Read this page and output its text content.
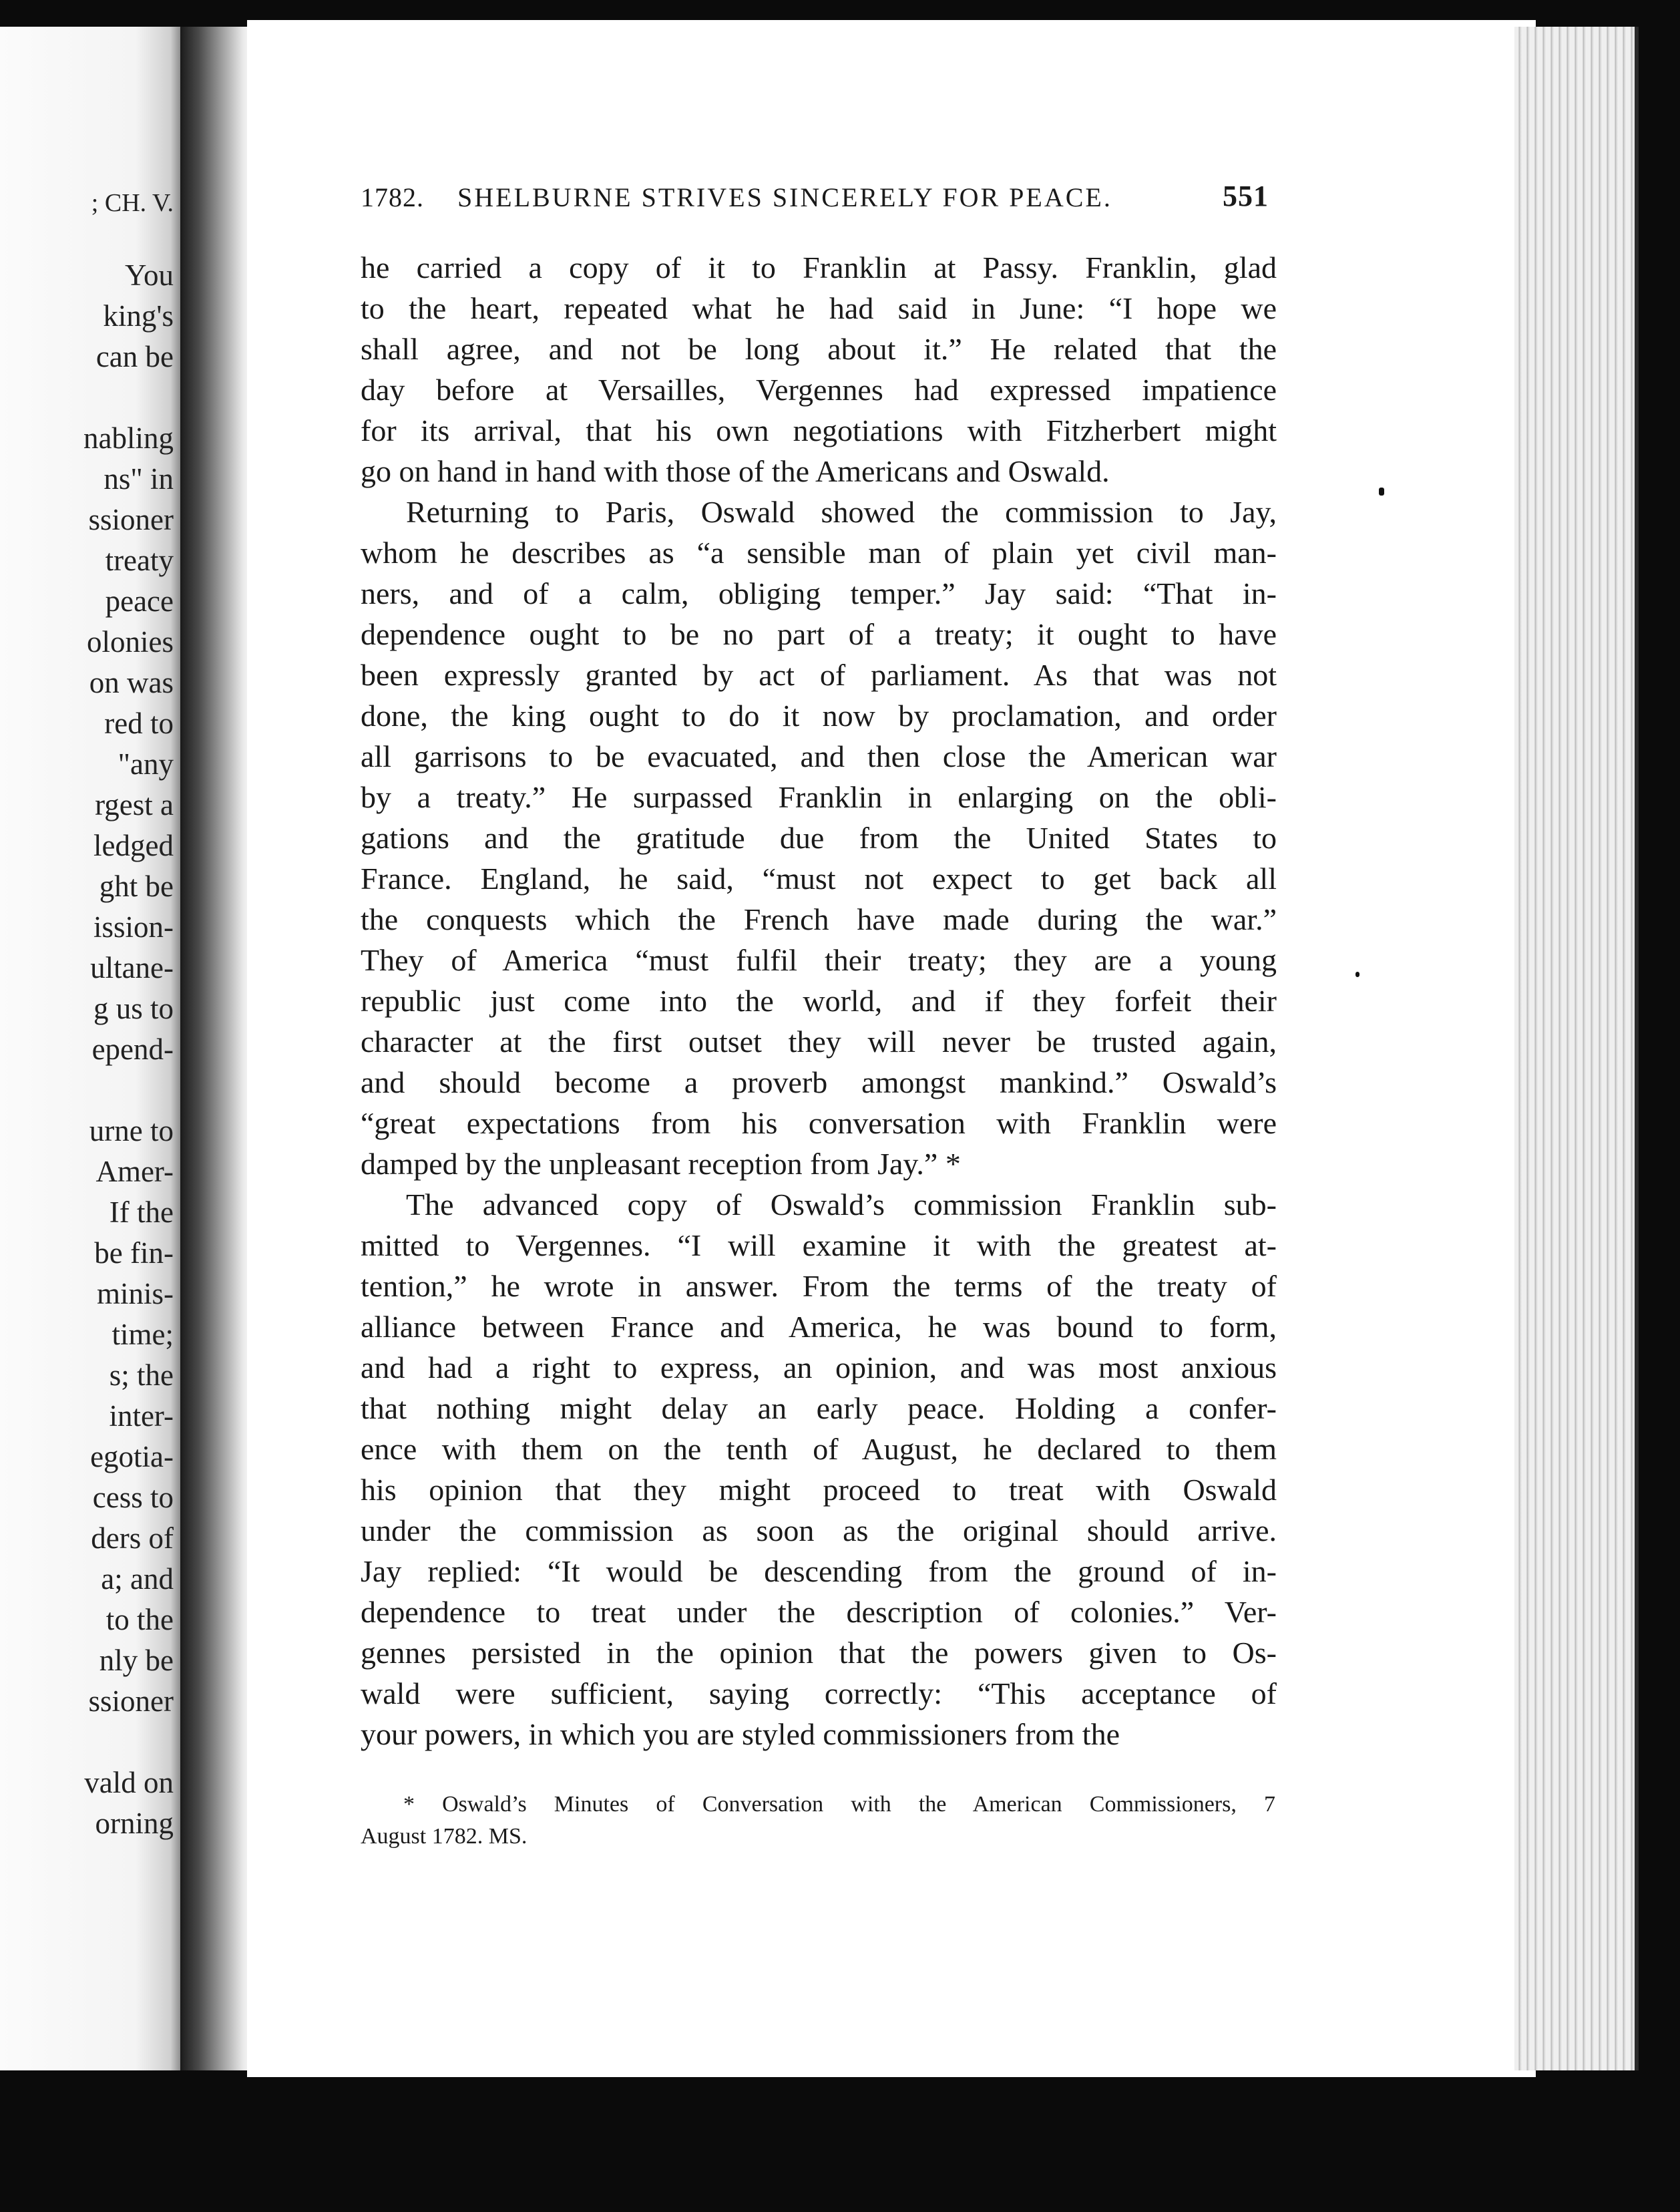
; CH. V.
You
king's
can be
nabling
ns" in
ssioner
treaty
peace
olonies
on was
red to
"any
rgest a
ledged
ght be
ission-
ultane-
g us to
epend-
urne to
Amer-
If the
be fin-
minis-
time;
s; the
inter-
egotia-
cess to
ders of
a; and
to the
nly be
ssioner
vald on
orning
1782. SHELBURNE STRIVES SINCERELY FOR PEACE.	551
he carried a copy of it to Franklin at Passy. Franklin, glad
to the heart, repeated what he had said in June: “I hope we
shall agree, and not be long about it.” He related that the
day before at Versailles, Vergennes had expressed impatience
for its arrival, that his own negotiations with Fitzherbert might
go on hand in hand with those of the Americans and Oswald.
Returning to Paris, Oswald showed the commission to Jay,
whom he describes as “a sensible man of plain yet civil man-
ners, and of a calm, obliging temper.” Jay said: “That in-
dependence ought to be no part of a treaty; it ought to have
been expressly granted by act of parliament. As that was not
done, the king ought to do it now by proclamation, and order
all garrisons to be evacuated, and then close the American war
by a treaty.” He surpassed Franklin in enlarging on the obli-
gations and the gratitude due from the United States to
France. England, he said, “must not expect to get back all
the conquests which the French have made during the war.”
They of America “must fulfil their treaty; they are a young
republic just come into the world, and if they forfeit their
character at the first outset they will never be trusted again,
and should become a proverb amongst mankind.” Oswald’s
“great expectations from his conversation with Franklin were
damped by the unpleasant reception from Jay.” *
The advanced copy of Oswald’s commission Franklin sub-
mitted to Vergennes. “I will examine it with the greatest at-
tention,” he wrote in answer. From the terms of the treaty of
alliance between France and America, he was bound to form,
and had a right to express, an opinion, and was most anxious
that nothing might delay an early peace. Holding a confer-
ence with them on the tenth of August, he declared to them
his opinion that they might proceed to treat with Oswald
under the commission as soon as the original should arrive.
Jay replied: “It would be descending from the ground of in-
dependence to treat under the description of colonies.” Ver-
gennes persisted in the opinion that the powers given to Os-
wald were sufficient, saying correctly: “This acceptance of
your powers, in which you are styled commissioners from the
* Oswald’s Minutes of Conversation with the American Commissioners, 7
August 1782. MS.
